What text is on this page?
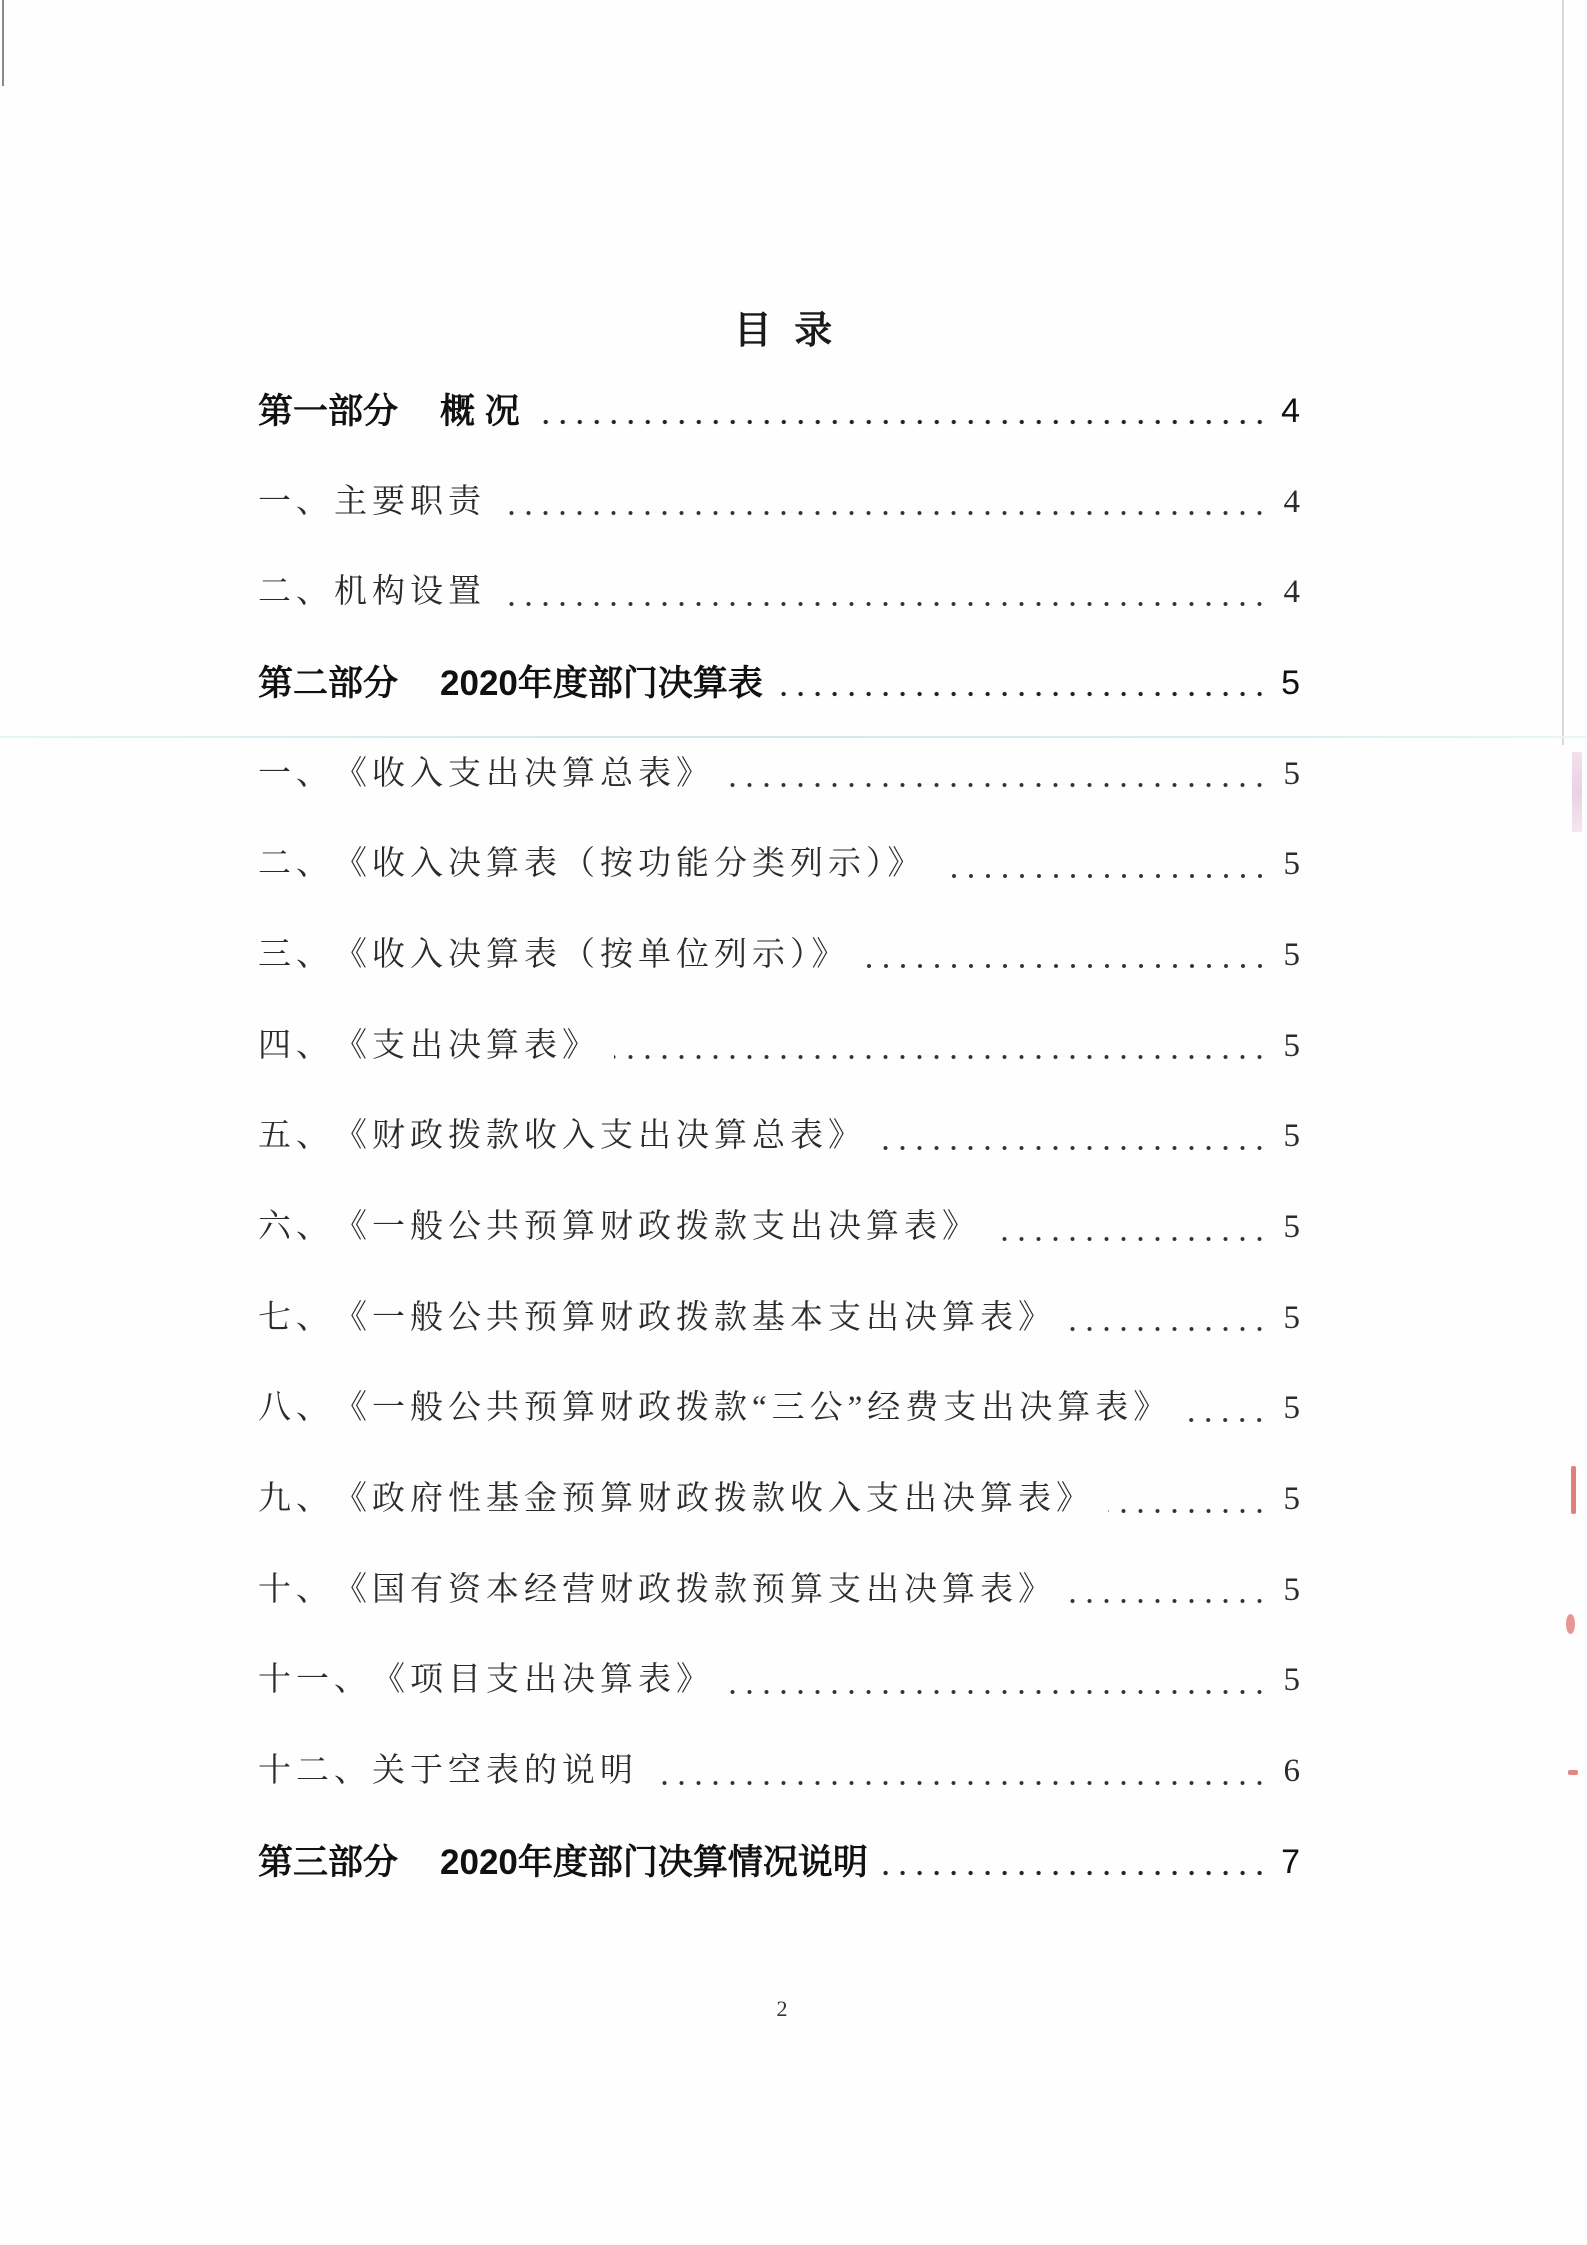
目 录
第一部分 概 况	4
一、 主要职责	4
二、 机构设置	4
第二部分 2020年度部门决算表	5
一、 《收入支出决算总表》	5
二、 《收入决算表（按功能分类列示）》	5
三、 《收入决算表（按单位列示）》	5
四、 《支出决算表》	5
五、 《财政拨款收入支出决算总表》	5
六、 《一般公共预算财政拨款支出决算表》	5
七、 《一般公共预算财政拨款基本支出决算表》	5
八、 《一般公共预算财政拨款“三公”经费支出决算表》	5
九、 《政府性基金预算财政拨款收入支出决算表》	5
十、 《国有资本经营财政拨款预算支出决算表》	5
十一、 《项目支出决算表》	5
十二、 关于空表的说明	6
第三部分 2020年度部门决算情况说明	7
2
